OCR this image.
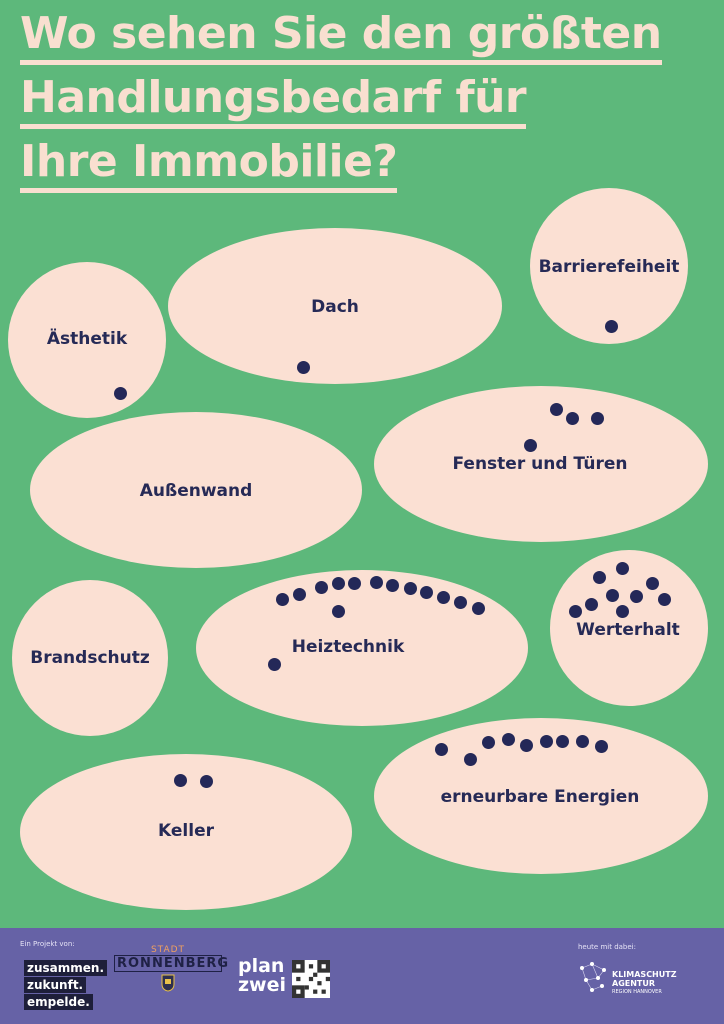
Wo sehen Sie den größten
Handlungsbedarf für
Ihre Immobilie?
Ästhetik
Dach
Barrierefeiheit
Außenwand
Fenster und Türen
Brandschutz
Heiztechnik
Werterhalt
Keller
erneurbare Energien
Ein Projekt von:	heute mit dabei:
zusammen.
zukunft.
empelde.
STADT
RONNENBERG plan
zwei	KLIMASCHUTZ
AGENTUR
REGION HANNOVER
